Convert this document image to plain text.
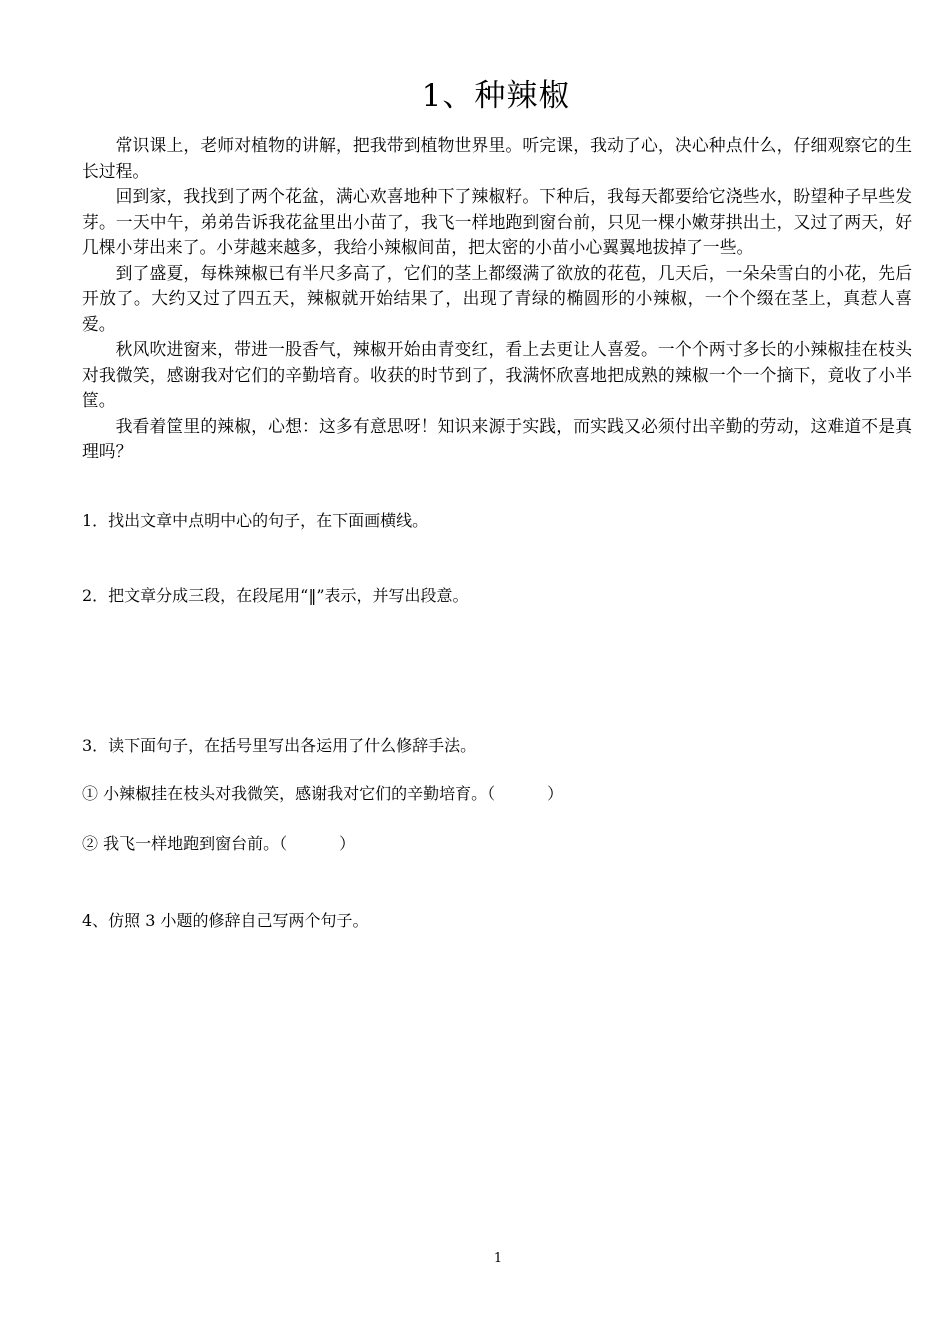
1、种辣椒

常识课上，老师对植物的讲解，把我带到植物世界里。听完课，我动了心，决心种点什么，仔细观察它的生长过程。

回到家，我找到了两个花盆，满心欢喜地种下了辣椒籽。下种后，我每天都要给它浇些水，盼望种子早些发芽。一天中午，弟弟告诉我花盆里出小苗了，我飞一样地跑到窗台前，只见一棵小嫩芽拱出土，又过了两天，好几棵小芽出来了。小芽越来越多，我给小辣椒间苗，把太密的小苗小心翼翼地拔掉了一些。

到了盛夏，每株辣椒已有半尺多高了，它们的茎上都缀满了欲放的花苞，几天后，一朵朵雪白的小花，先后开放了。大约又过了四五天，辣椒就开始结果了，出现了青绿的椭圆形的小辣椒，一个个缀在茎上，真惹人喜爱。

秋风吹进窗来，带进一股香气，辣椒开始由青变红，看上去更让人喜爱。一个个两寸多长的小辣椒挂在枝头对我微笑，感谢我对它们的辛勤培育。收获的时节到了，我满怀欣喜地把成熟的辣椒一个一个摘下，竟收了小半筐。

我看着筐里的辣椒，心想：这多有意思呀！知识来源于实践，而实践又必须付出辛勤的劳动，这难道不是真理吗？

1．找出文章中点明中心的句子，在下面画横线。

2．把文章分成三段，在段尾用“‖”表示，并写出段意。

3．读下面句子，在括号里写出各运用了什么修辞手法。

① 小辣椒挂在枝头对我微笑，感谢我对它们的辛勤培育。（	）

② 我飞一样地跑到窗台前。（	）

4、仿照 3 小题的修辞自己写两个句子。

1
